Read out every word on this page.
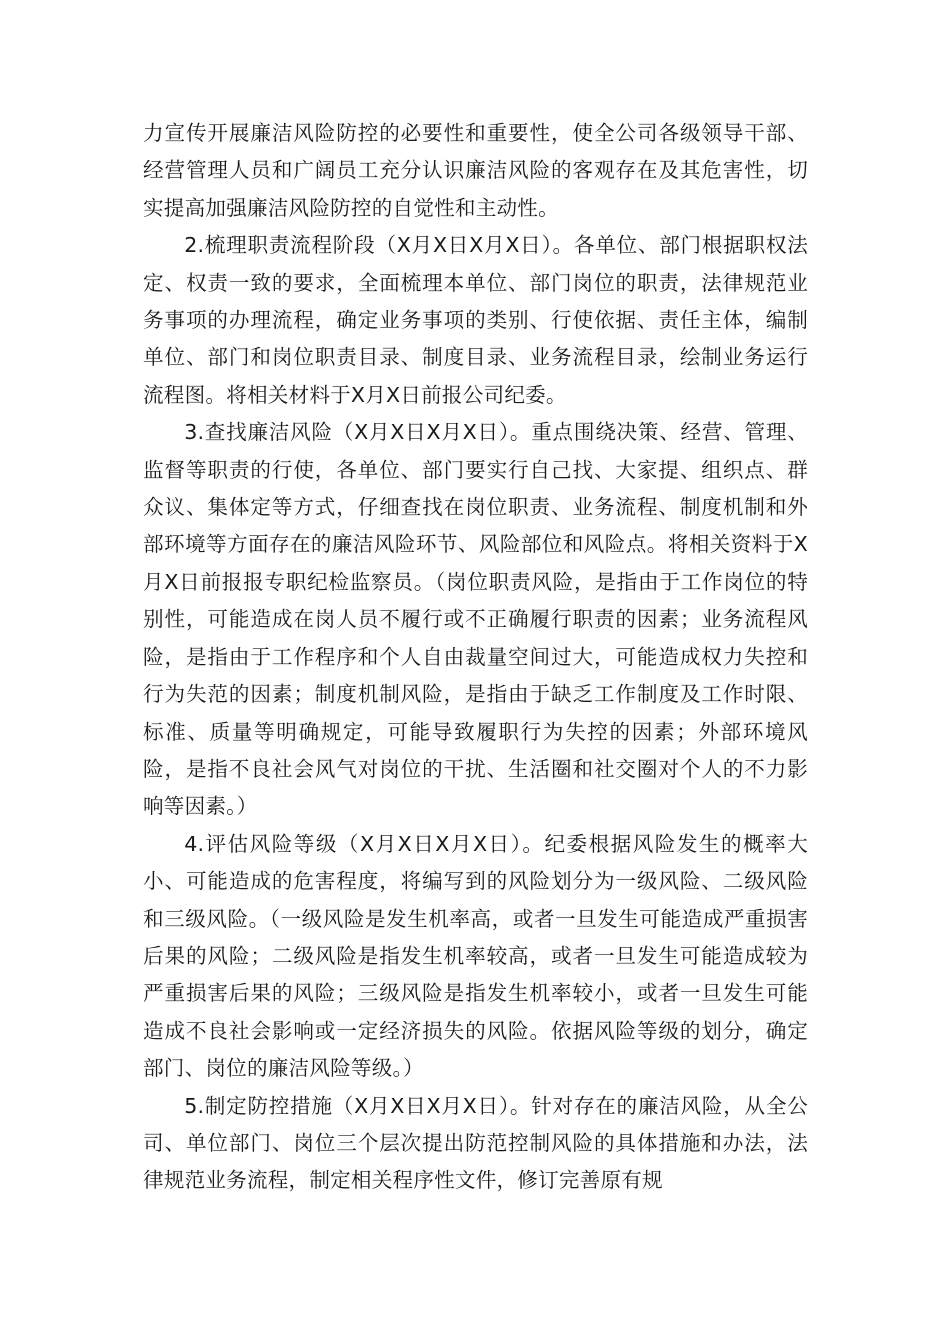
力宣传开展廉洁风险防控的必要性和重要性，使全公司各级领导干部、经营管理人员和广阔员工充分认识廉洁风险的客观存在及其危害性，切实提高加强廉洁风险防控的自觉性和主动性。

2.梳理职责流程阶段（X月X日X月X日）。各单位、部门根据职权法定、权责一致的要求，全面梳理本单位、部门岗位的职责，法律规范业务事项的办理流程，确定业务事项的类别、行使依据、责任主体，编制单位、部门和岗位职责目录、制度目录、业务流程目录，绘制业务运行流程图。将相关材料于X月X日前报公司纪委。

3.查找廉洁风险（X月X日X月X日）。重点围绕决策、经营、管理、监督等职责的行使，各单位、部门要实行自己找、大家提、组织点、群众议、集体定等方式，仔细查找在岗位职责、业务流程、制度机制和外部环境等方面存在的廉洁风险环节、风险部位和风险点。将相关资料于X月X日前报报专职纪检监察员。（岗位职责风险，是指由于工作岗位的特别性，可能造成在岗人员不履行或不正确履行职责的因素；业务流程风险，是指由于工作程序和个人自由裁量空间过大，可能造成权力失控和行为失范的因素；制度机制风险，是指由于缺乏工作制度及工作时限、标准、质量等明确规定，可能导致履职行为失控的因素；外部环境风险，是指不良社会风气对岗位的干扰、生活圈和社交圈对个人的不力影响等因素。）

4.评估风险等级（X月X日X月X日）。纪委根据风险发生的概率大小、可能造成的危害程度，将编写到的风险划分为一级风险、二级风险和三级风险。（一级风险是发生机率高，或者一旦发生可能造成严重损害后果的风险；二级风险是指发生机率较高，或者一旦发生可能造成较为严重损害后果的风险；三级风险是指发生机率较小，或者一旦发生可能造成不良社会影响或一定经济损失的风险。依据风险等级的划分，确定部门、岗位的廉洁风险等级。）

5.制定防控措施（X月X日X月X日）。针对存在的廉洁风险，从全公司、单位部门、岗位三个层次提出防范控制风险的具体措施和办法，法律规范业务流程，制定相关程序性文件，修订完善原有规
